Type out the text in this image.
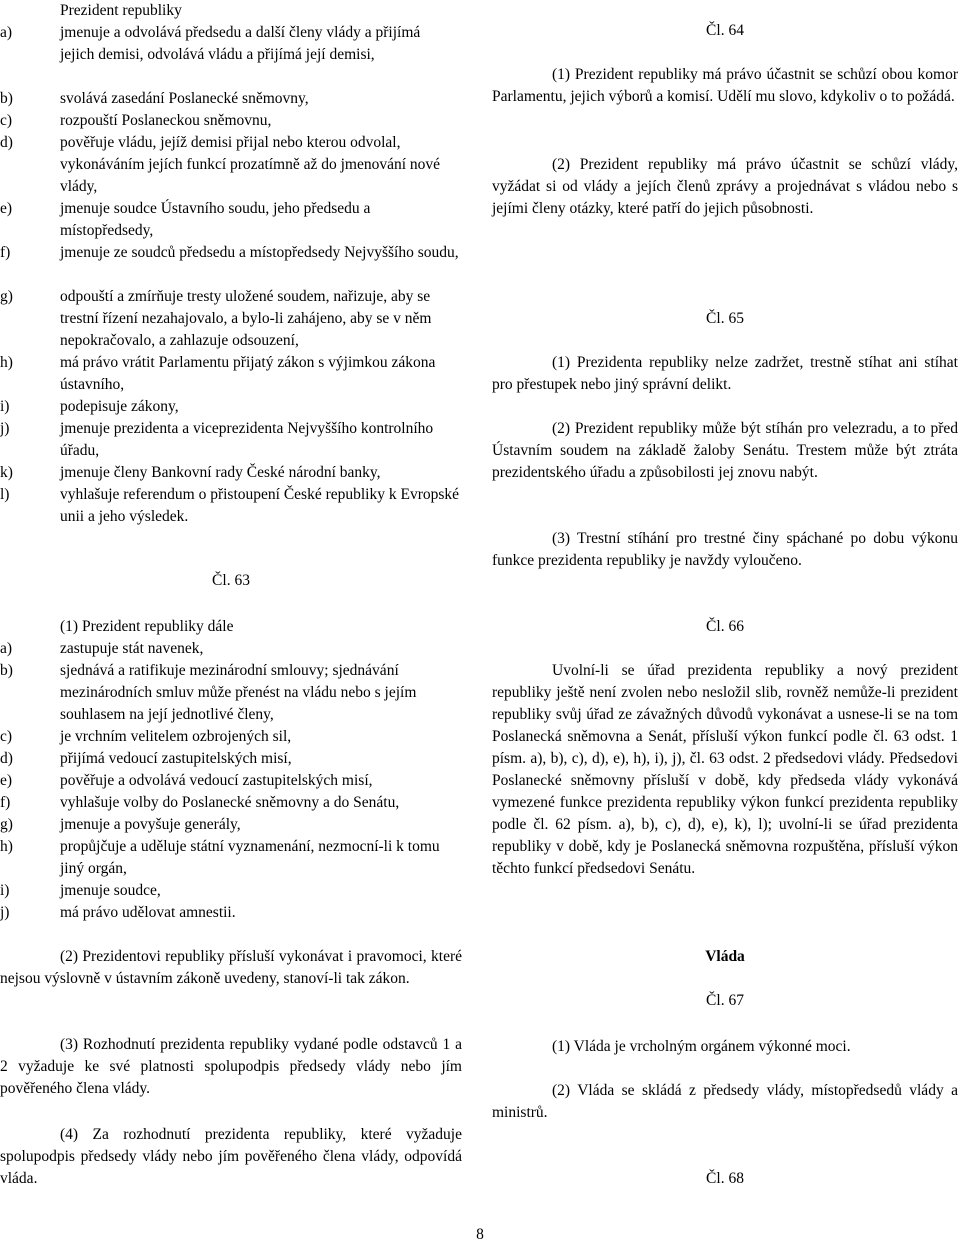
Prezident republiky

a)	jmenuje a odvolává předsedu a další členy vlády a přijímá jejich demisi, odvolává vládu a přijímá její demisi,
b)	svolává zasedání Poslanecké sněmovny,
c)	rozpouští Poslaneckou sněmovnu,
d)	pověřuje vládu, jejíž demisi přijal nebo kterou odvolal, vykonáváním jejích funkcí prozatímně až do jmenování nové vlády,
e)	jmenuje soudce Ústavního soudu, jeho předsedu a místopředsedy,
f)	jmenuje ze soudců předsedu a místopředsedy Nejvyššího soudu,
g)	odpouští a zmírňuje tresty uložené soudem, nařizuje, aby se trestní řízení nezahajovalo, a bylo-li zahájeno, aby se v něm nepokračovalo, a zahlazuje odsouzení,
h)	má právo vrátit Parlamentu přijatý zákon s výjimkou zákona ústavního,
i)	podepisuje zákony,
j)	jmenuje prezidenta a viceprezidenta Nejvyššího kontrolního úřadu,
k)	jmenuje členy Bankovní rady České národní banky,
l)	vyhlašuje referendum o přistoupení České republiky k Evropské unii a jeho výsledek.

Čl. 63

(1) Prezident republiky dále

a)	zastupuje stát navenek,
b)	sjednává a ratifikuje mezinárodní smlouvy; sjednávání mezinárodních smluv může přenést na vládu nebo s jejím souhlasem na její jednotlivé členy,
c)	je vrchním velitelem ozbrojených sil,
d)	přijímá vedoucí zastupitelských misí,
e)	pověřuje a odvolává vedoucí zastupitelských misí,
f)	vyhlašuje volby do Poslanecké sněmovny a do Senátu,
g)	jmenuje a povyšuje generály,
h)	propůjčuje a uděluje státní vyznamenání, nezmocní-li k tomu jiný orgán,
i)	jmenuje soudce,
j)	má právo udělovat amnestii.

(2) Prezidentovi republiky přísluší vykonávat i pravomoci, které nejsou výslovně v ústavním zákoně uvedeny, stanoví-li tak zákon.

(3) Rozhodnutí prezidenta republiky vydané podle odstavců 1 a 2 vyžaduje ke své platnosti spolupodpis předsedy vlády nebo jím pověřeného člena vlády.

(4) Za rozhodnutí prezidenta republiky, které vyžaduje spolupodpis předsedy vlády nebo jím pověřeného člena vlády, odpovídá vláda.

Čl. 64

(1) Prezident republiky má právo účastnit se schůzí obou komor Parlamentu, jejich výborů a komisí. Udělí mu slovo, kdykoliv o to požádá.

(2) Prezident republiky má právo účastnit se schůzí vlády, vyžádat si od vlády a jejích členů zprávy a projednávat s vládou nebo s jejími členy otázky, které patří do jejich působnosti.

Čl. 65

(1) Prezidenta republiky nelze zadržet, trestně stíhat ani stíhat pro přestupek nebo jiný správní delikt.

(2) Prezident republiky může být stíhán pro velezradu, a to před Ústavním soudem na základě žaloby Senátu. Trestem může být ztráta prezidentského úřadu a způsobilosti jej znovu nabýt.

(3) Trestní stíhání pro trestné činy spáchané po dobu výkonu funkce prezidenta republiky je navždy vyloučeno.

Čl. 66

Uvolní-li se úřad prezidenta republiky a nový prezident republiky ještě není zvolen nebo nesložil slib, rovněž nemůže-li prezident republiky svůj úřad ze závažných důvodů vykonávat a usnese-li se na tom Poslanecká sněmovna a Senát, přísluší výkon funkcí podle čl. 63 odst. 1 písm. a), b), c), d), e), h), i), j), čl. 63 odst. 2 předsedovi vlády. Předsedovi Poslanecké sněmovny přísluší v době, kdy předseda vlády vykonává vymezené funkce prezidenta republiky výkon funkcí prezidenta republiky podle čl. 62 písm. a), b), c), d), e), k), l); uvolní-li se úřad prezidenta republiky v době, kdy je Poslanecká sněmovna rozpuštěna, přísluší výkon těchto funkcí předsedovi Senátu.

Vláda

Čl. 67

(1) Vláda je vrcholným orgánem výkonné moci.

(2) Vláda se skládá z předsedy vlády, místopředsedů vlády a ministrů.

Čl. 68

8
